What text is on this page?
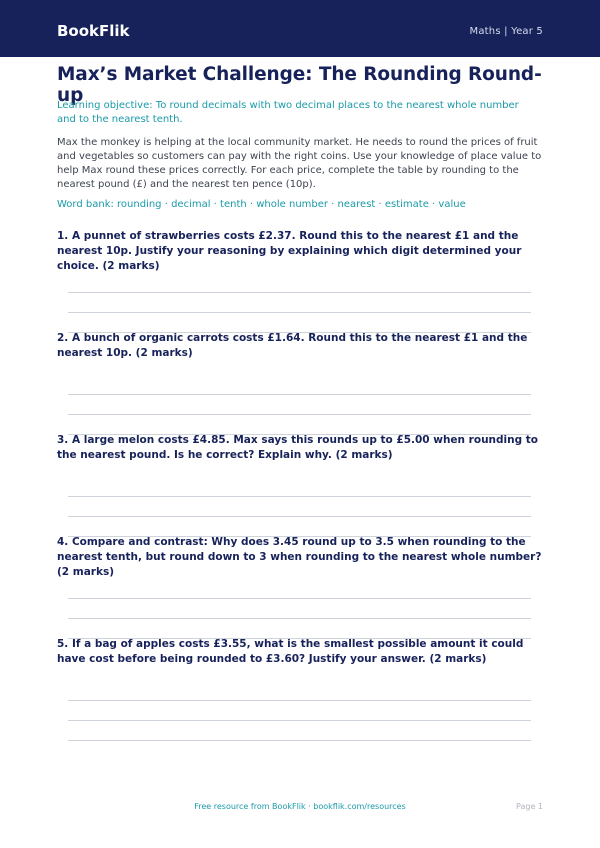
BookFlik	Maths | Year 5
Max’s Market Challenge: The Rounding Round-up

Learning objective: To round decimals with two decimal places to the nearest whole number and to the nearest tenth.

Max the monkey is helping at the local community market. He needs to round the prices of fruit and vegetables so customers can pay with the right coins. Use your knowledge of place value to help Max round these prices correctly. For each price, complete the table by rounding to the nearest pound (£) and the nearest ten pence (10p).

Word bank: rounding · decimal · tenth · whole number · nearest · estimate · value

1. A punnet of strawberries costs £2.37. Round this to the nearest £1 and the nearest 10p. Justify your reasoning by explaining which digit determined your choice. (2 marks)

2. A bunch of organic carrots costs £1.64. Round this to the nearest £1 and the nearest 10p. (2 marks)

3. A large melon costs £4.85. Max says this rounds up to £5.00 when rounding to the nearest pound. Is he correct? Explain why. (2 marks)

4. Compare and contrast: Why does 3.45 round up to 3.5 when rounding to the nearest tenth, but round down to 3 when rounding to the nearest whole number? (2 marks)

5. If a bag of apples costs £3.55, what is the smallest possible amount it could have cost before being rounded to £3.60? Justify your answer. (2 marks)

Free resource from BookFlik · bookflik.com/resources	Page 1
